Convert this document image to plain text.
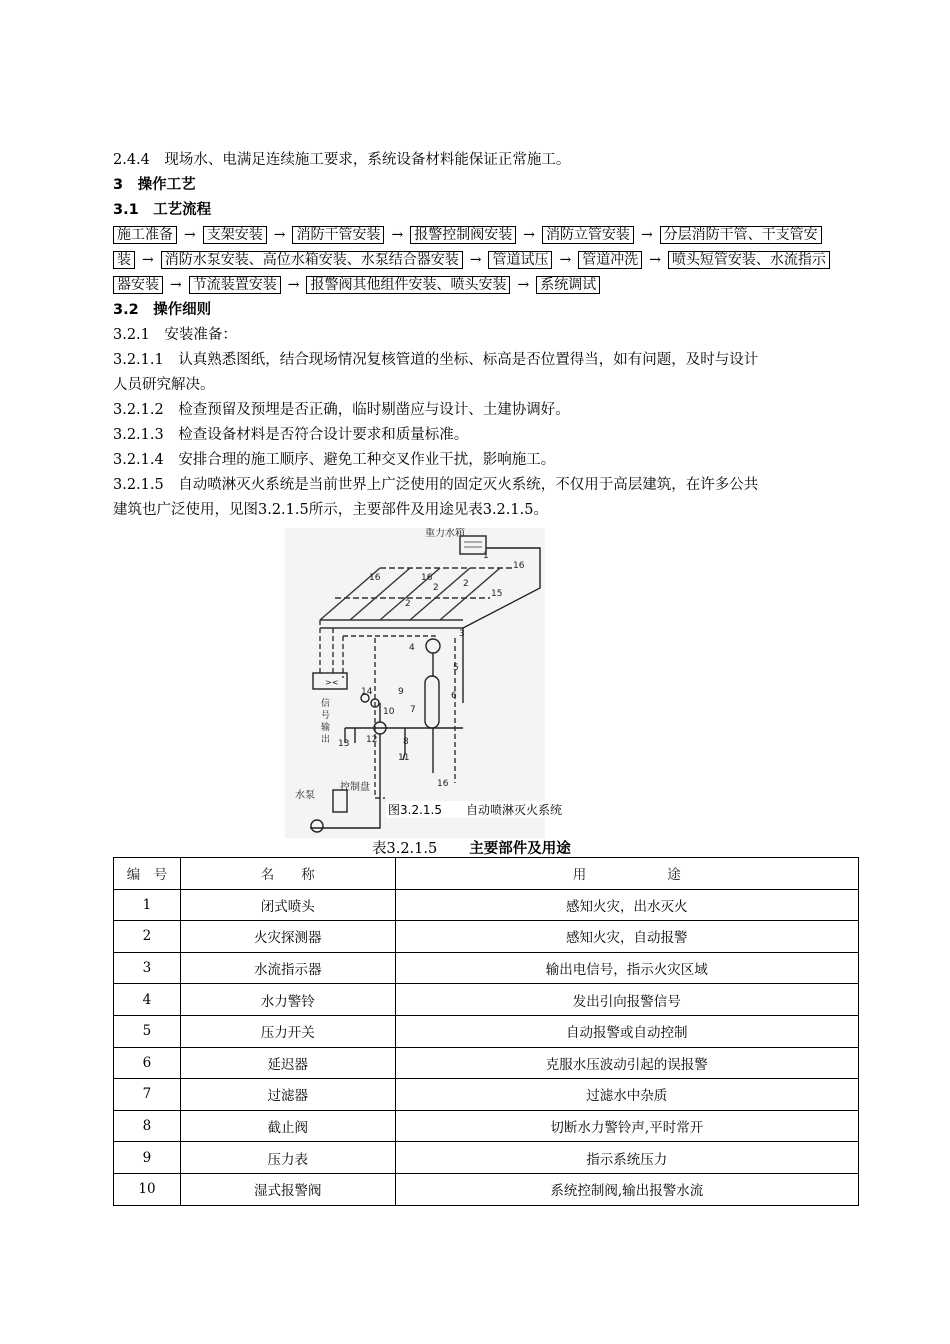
2.4.4　现场水、电满足连续施工要求，系统设备材料能保证正常施工。
3　操作工艺
3.1　工艺流程
施工准备 → 支架安装 → 消防干管安装 → 报警控制阀安装 → 消防立管安装 → 分层消防干管、干支管安
装 → 消防水泵安装、高位水箱安装、水泵结合器安装 → 管道试压 → 管道冲洗 → 喷头短管安装、水流指示
器安装 → 节流装置安装 → 报警阀其他组件安装、喷头安装 → 系统调试
3.2　操作细则
3.2.1　安装准备：
3.2.1.1　认真熟悉图纸，结合现场情况复核管道的坐标、标高是否位置得当，如有问题，及时与设计
人员研究解决。
3.2.1.2　检查预留及预埋是否正确，临时剔凿应与设计、土建协调好。
3.2.1.3　检查设备材料是否符合设计要求和质量标准。
3.2.1.4　安排合理的施工顺序、避免工种交叉作业干扰，影响施工。
3.2.1.5　自动喷淋灭火系统是当前世界上广泛使用的固定灭火系统，不仅用于高层建筑，在许多公共
建筑也广泛使用，见图3.2.1.5所示，主要部件及用途见表3.2.1.5。
重力水箱
><
信
号
输
出
水泵
控制盘
1
2
2
2
3
4
5
6
7
8
9
10
11
12
13
14
15
16
16
16
16
图3.2.1.5　　自动喷淋灭火系统
表3.2.1.5 主要部件及用途
编　号	名　　称	用　　　　　　途
1	闭式喷头	感知火灾，出水灭火
2	火灾探测器	感知火灾，自动报警
3	水流指示器	输出电信号，指示火灾区域
4	水力警铃	发出引向报警信号
5	压力开关	自动报警或自动控制
6	延迟器	克服水压波动引起的误报警
7	过滤器	过滤水中杂质
8	截止阀	切断水力警铃声,平时常开
9	压力表	指示系统压力
10	湿式报警阀	系统控制阀,输出报警水流
